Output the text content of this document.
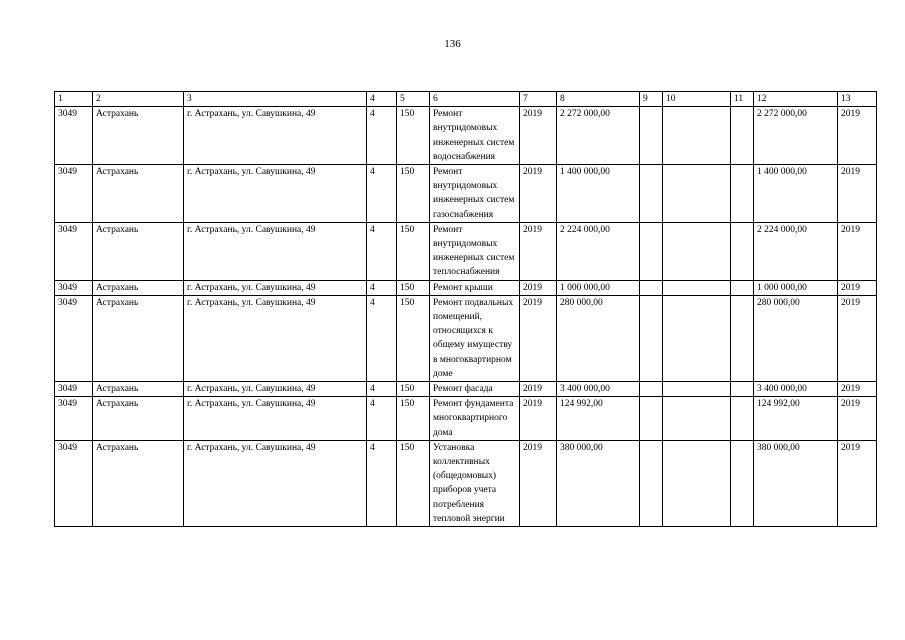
136
1	2	3	4	5	6	7	8	9	10	11	12	13
3049	Астрахань	г. Астрахань, ул. Савушкина, 49	4	150	Ремонт внутридомовых инженерных систем водоснабжения	2019	2 272 000,00				2 272 000,00	2019
3049	Астрахань	г. Астрахань, ул. Савушкина, 49	4	150	Ремонт внутридомовых инженерных систем газоснабжения	2019	1 400 000,00				1 400 000,00	2019
3049	Астрахань	г. Астрахань, ул. Савушкина, 49	4	150	Ремонт внутридомовых инженерных систем теплоснабжения	2019	2 224 000,00				2 224 000,00	2019
3049	Астрахань	г. Астрахань, ул. Савушкина, 49	4	150	Ремонт крыши	2019	1 000 000,00				1 000 000,00	2019
3049	Астрахань	г. Астрахань, ул. Савушкина, 49	4	150	Ремонт подвальных помещений, относящихся к общему имуществу в многоквартирном доме	2019	280 000,00				280 000,00	2019
3049	Астрахань	г. Астрахань, ул. Савушкина, 49	4	150	Ремонт фасада	2019	3 400 000,00				3 400 000,00	2019
3049	Астрахань	г. Астрахань, ул. Савушкина, 49	4	150	Ремонт фундамента многоквартирного дома	2019	124 992,00				124 992,00	2019
3049	Астрахань	г. Астрахань, ул. Савушкина, 49	4	150	Установка коллективных (общедомовых) приборов учета потребления тепловой энергии	2019	380 000,00				380 000,00	2019
